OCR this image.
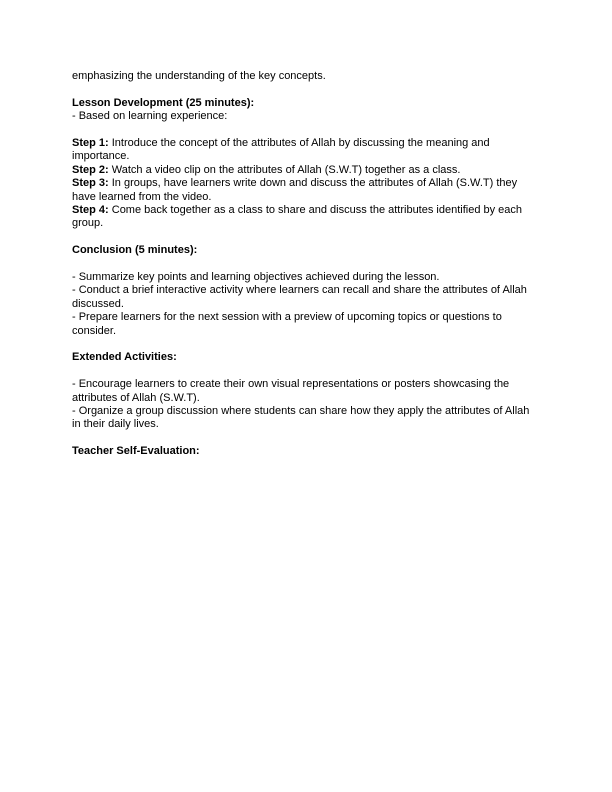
emphasizing the understanding of the key concepts.

Lesson Development (25 minutes):

- Based on learning experience:

Step 1: Introduce the concept of the attributes of Allah by discussing the meaning and importance.

Step 2: Watch a video clip on the attributes of Allah (S.W.T) together as a class.

Step 3: In groups, have learners write down and discuss the attributes of Allah (S.W.T) they have learned from the video.

Step 4: Come back together as a class to share and discuss the attributes identified by each group.

Conclusion (5 minutes):

- Summarize key points and learning objectives achieved during the lesson.

- Conduct a brief interactive activity where learners can recall and share the attributes of Allah discussed.

- Prepare learners for the next session with a preview of upcoming topics or questions to consider.

Extended Activities:

- Encourage learners to create their own visual representations or posters showcasing the attributes of Allah (S.W.T).

- Organize a group discussion where students can share how they apply the attributes of Allah in their daily lives.

Teacher Self-Evaluation:
